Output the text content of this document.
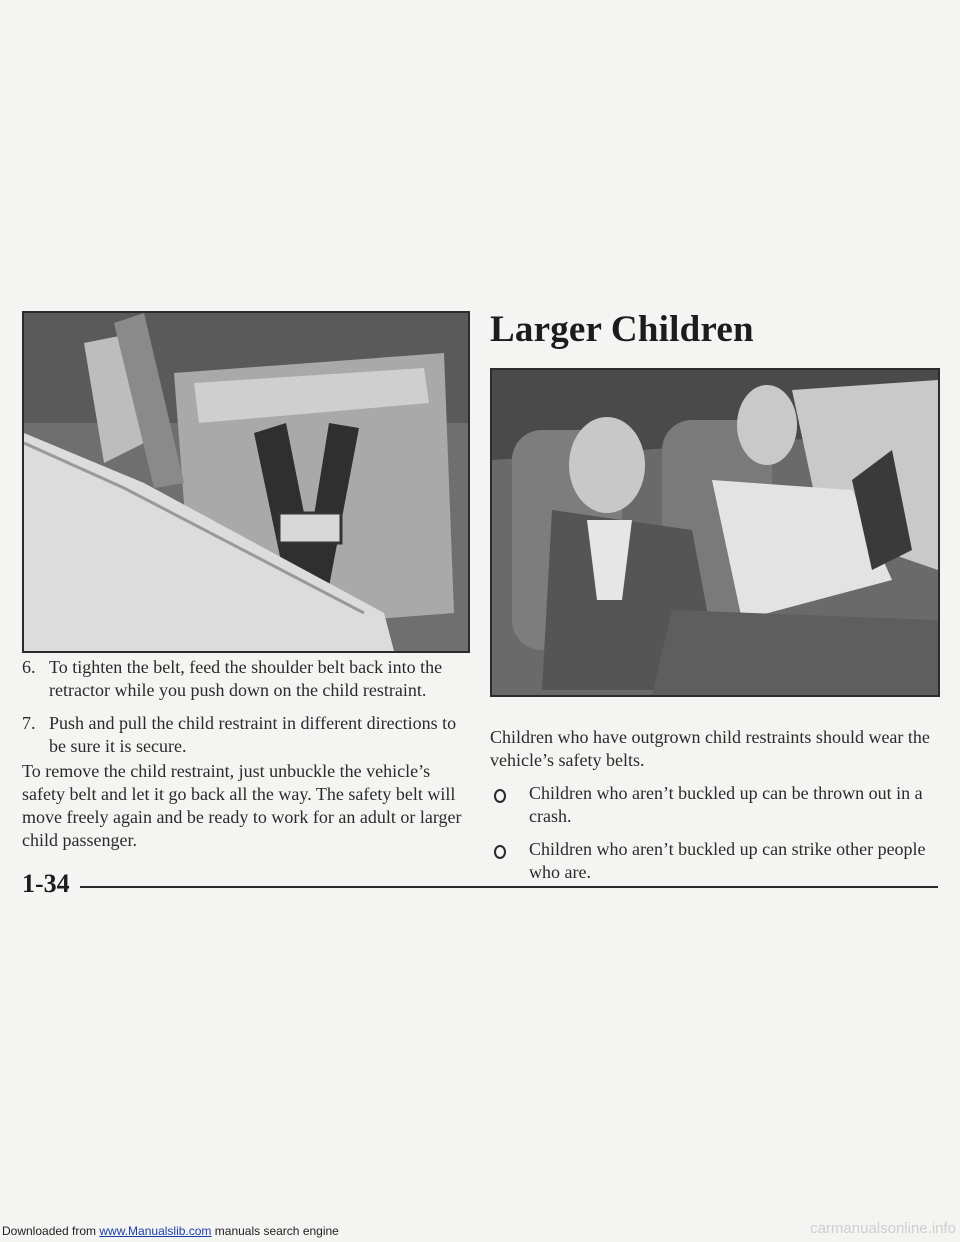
Larger Children
6. To tighten the belt, feed the shoulder belt back into the retractor while you push down on the child restraint.
7. Push and pull the child restraint in different directions to be sure it is secure.

To remove the child restraint, just unbuckle the vehicle’s safety belt and let it go back all the way. The safety belt will move freely again and be ready to work for an adult or larger child passenger.

Children who have outgrown child restraints should wear the vehicle’s safety belts.

Children who aren’t buckled up can be thrown out in a crash.
Children who aren’t buckled up can strike other people who are.

1-34

Downloaded from www.Manualslib.com manuals search engine	carmanualsonline.info
